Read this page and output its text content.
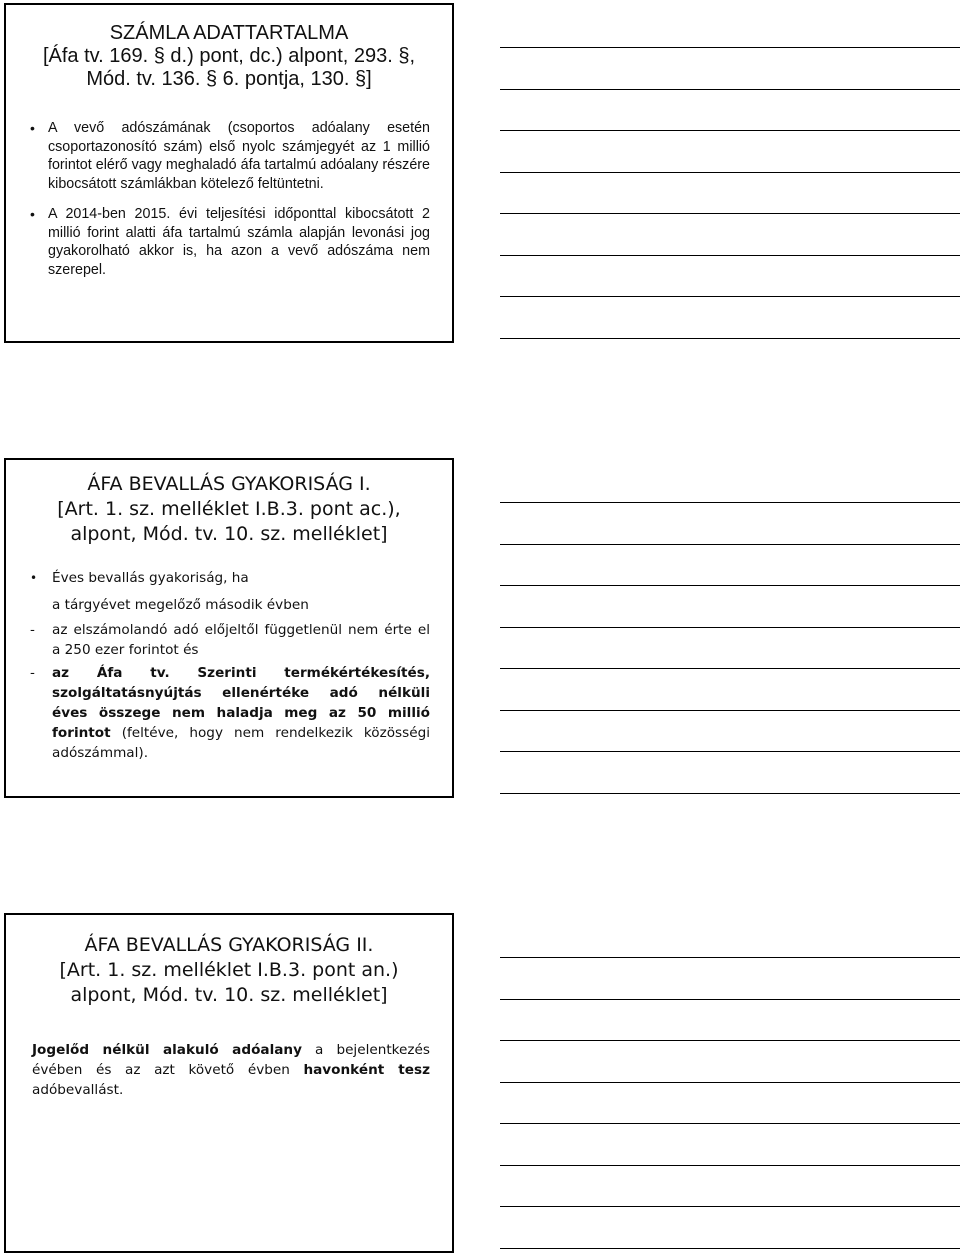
SZÁMLA ADATTARTALMA

[Áfa tv. 169. § d.) pont, dc.) alpont, 293. §,

Mód. tv. 136. § 6. pontja, 130. §]

• A vevő adószámának (csoportos adóalany esetén csoportazonosító szám) első nyolc számjegyét az 1 millió forintot elérő vagy meghaladó áfa tartalmú adóalany részére kibocsátott számlákban kötelező feltüntetni.
• A 2014-ben 2015. évi teljesítési időponttal kibocsátott 2 millió forint alatti áfa tartalmú számla alapján levonási jog gyakorolható akkor is, ha azon a vevő adószáma nem szerepel.

ÁFA BEVALLÁS GYAKORISÁG I.

[Art. 1. sz. melléklet I.B.3. pont ac.),

alpont, Mód. tv. 10. sz. melléklet]

• Éves bevallás gyakoriság, ha

a tárgyévet megelőző második évben

- az elszámolandó adó előjeltől függetlenül nem érte el a 250 ezer forintot és

- az Áfa tv. Szerinti termékértékesítés, szolgáltatásnyújtás ellenértéke adó nélküli éves összege nem haladja meg az 50 millió forintot (feltéve, hogy nem rendelkezik közösségi adószámmal).

ÁFA BEVALLÁS GYAKORISÁG II.

[Art. 1. sz. melléklet I.B.3. pont an.)

alpont, Mód. tv. 10. sz. melléklet]

Jogelőd nélkül alakuló adóalany a bejelentkezés évében és az azt követő évben havonként tesz adóbevallást.
